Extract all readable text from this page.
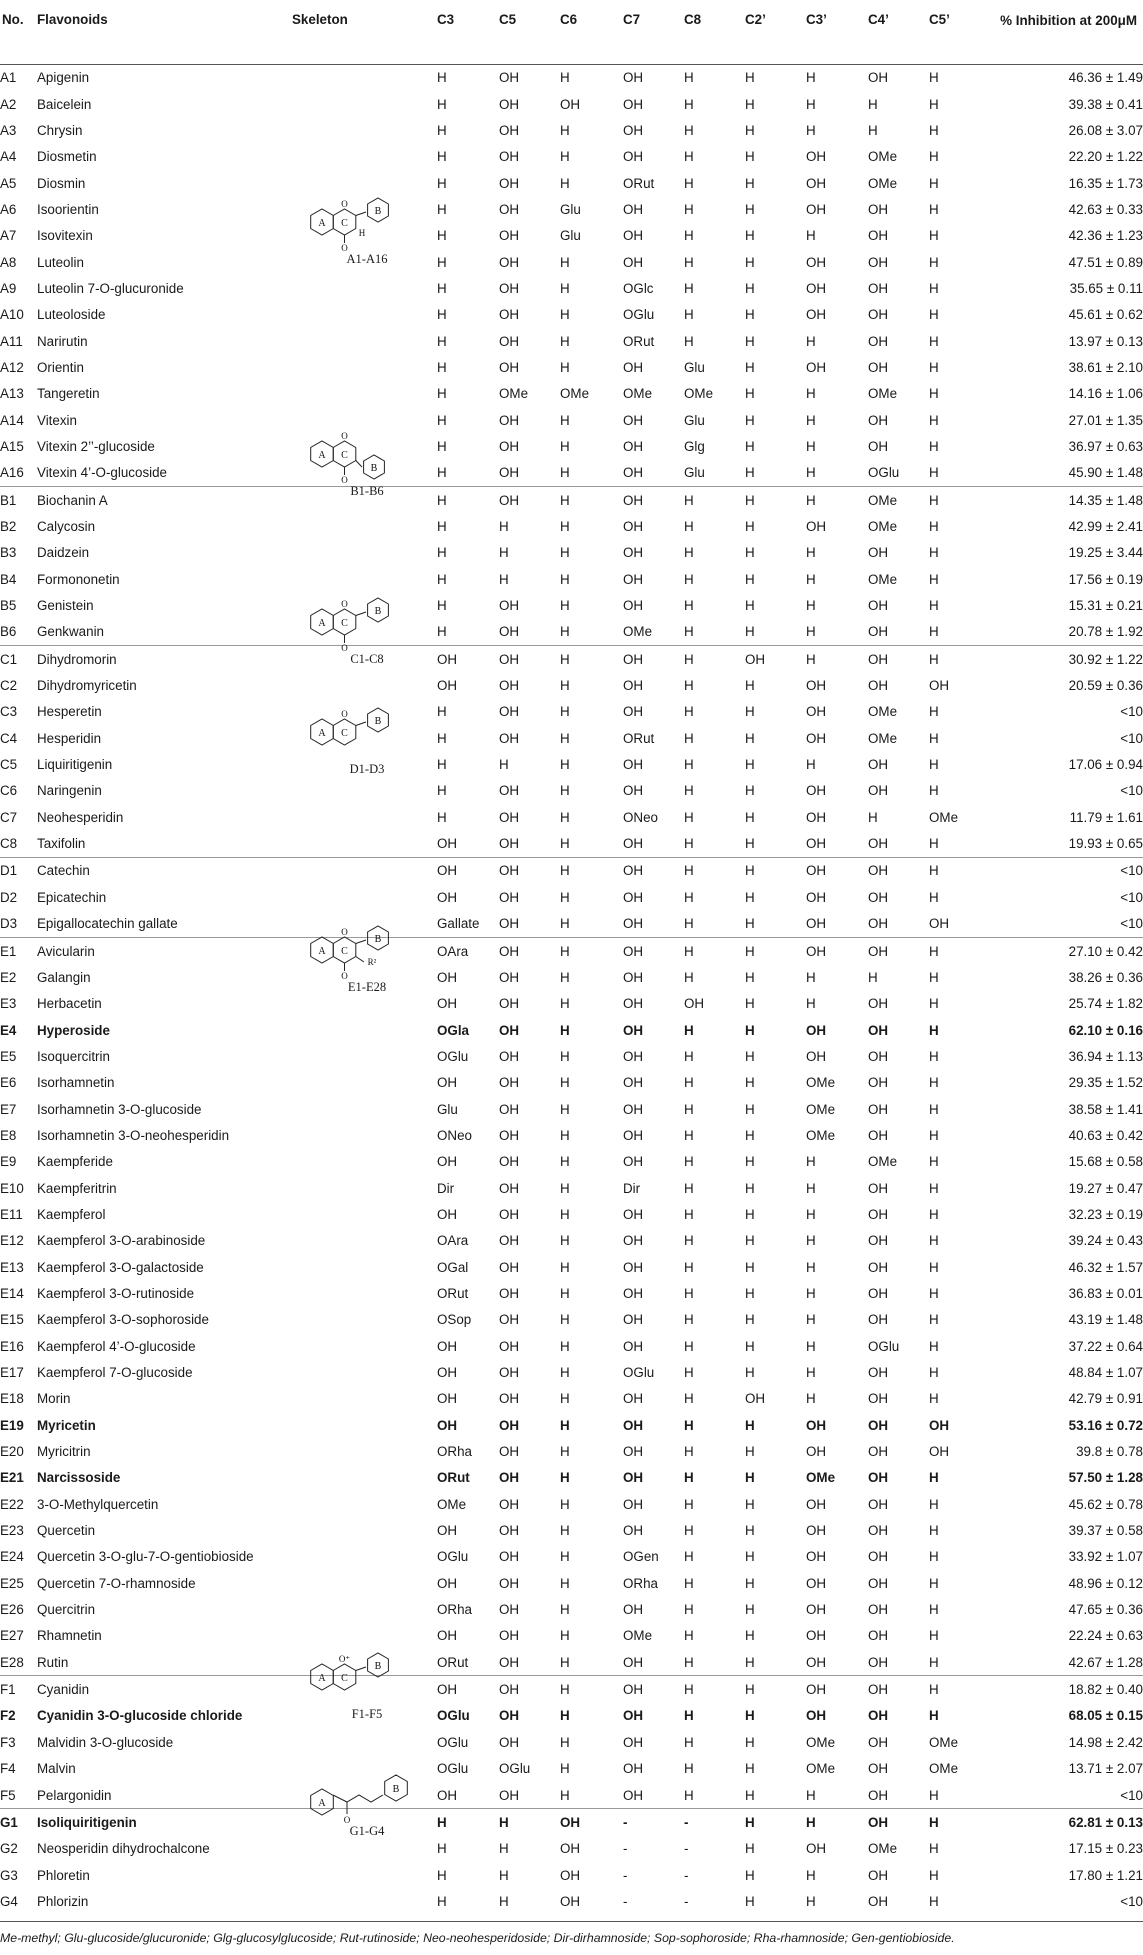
No.	Flavonoids	Skeleton	C3	C5	C6	C7	C8	C2’	C3’	C4’	C5’	% Inhibition at 200μM
A1	Apigenin		H	OH	H	OH	H	H	H	OH	H	46.36 ± 1.49
A2	Baicelein		H	OH	OH	OH	H	H	H	H	H	39.38 ± 0.41
A3	Chrysin		H	OH	H	OH	H	H	H	H	H	26.08 ± 3.07
A4	Diosmetin		H	OH	H	OH	H	H	OH	OMe	H	22.20 ± 1.22
A5	Diosmin		H	OH	H	ORut	H	H	OH	OMe	H	16.35 ± 1.73
A6	Isoorientin		H	OH	Glu	OH	H	H	OH	OH	H	42.63 ± 0.33
A7	Isovitexin		H	OH	Glu	OH	H	H	H	OH	H	42.36 ± 1.23
A8	Luteolin		H	OH	H	OH	H	H	OH	OH	H	47.51 ± 0.89
A9	Luteolin 7-O-glucuronide		H	OH	H	OGlc	H	H	OH	OH	H	35.65 ± 0.11
A10	Luteoloside		H	OH	H	OGlu	H	H	OH	OH	H	45.61 ± 0.62
A11	Narirutin		H	OH	H	ORut	H	H	H	OH	H	13.97 ± 0.13
A12	Orientin		H	OH	H	OH	Glu	H	OH	OH	H	38.61 ± 2.10
A13	Tangeretin		H	OMe	OMe	OMe	OMe	H	H	OMe	H	14.16 ± 1.06
A14	Vitexin		H	OH	H	OH	Glu	H	H	OH	H	27.01 ± 1.35
A15	Vitexin 2’’-glucoside		H	OH	H	OH	Glg	H	H	OH	H	36.97 ± 0.63
A16	Vitexin 4’-O-glucoside		H	OH	H	OH	Glu	H	H	OGlu	H	45.90 ± 1.48
B1	Biochanin A		H	OH	H	OH	H	H	H	OMe	H	14.35 ± 1.48
B2	Calycosin		H	H	H	OH	H	H	OH	OMe	H	42.99 ± 2.41
B3	Daidzein		H	H	H	OH	H	H	H	OH	H	19.25 ± 3.44
B4	Formononetin		H	H	H	OH	H	H	H	OMe	H	17.56 ± 0.19
B5	Genistein		H	OH	H	OH	H	H	H	OH	H	15.31 ± 0.21
B6	Genkwanin		H	OH	H	OMe	H	H	H	OH	H	20.78 ± 1.92
C1	Dihydromorin		OH	OH	H	OH	H	OH	H	OH	H	30.92 ± 1.22
C2	Dihydromyricetin		OH	OH	H	OH	H	H	OH	OH	OH	20.59 ± 0.36
C3	Hesperetin		H	OH	H	OH	H	H	OH	OMe	H	<10
C4	Hesperidin		H	OH	H	ORut	H	H	OH	OMe	H	<10
C5	Liquiritigenin		H	H	H	OH	H	H	H	OH	H	17.06 ± 0.94
C6	Naringenin		H	OH	H	OH	H	H	OH	OH	H	<10
C7	Neohesperidin		H	OH	H	ONeo	H	H	OH	H	OMe	11.79 ± 1.61
C8	Taxifolin		OH	OH	H	OH	H	H	OH	OH	H	19.93 ± 0.65
D1	Catechin		OH	OH	H	OH	H	H	OH	OH	H	<10
D2	Epicatechin		OH	OH	H	OH	H	H	OH	OH	H	<10
D3	Epigallocatechin gallate		Gallate	OH	H	OH	H	H	OH	OH	OH	<10
E1	Avicularin		OAra	OH	H	OH	H	H	OH	OH	H	27.10 ± 0.42
E2	Galangin		OH	OH	H	OH	H	H	H	H	H	38.26 ± 0.36
E3	Herbacetin		OH	OH	H	OH	OH	H	H	OH	H	25.74 ± 1.82
E4	Hyperoside		OGla	OH	H	OH	H	H	OH	OH	H	62.10 ± 0.16
E5	Isoquercitrin		OGlu	OH	H	OH	H	H	OH	OH	H	36.94 ± 1.13
E6	Isorhamnetin		OH	OH	H	OH	H	H	OMe	OH	H	29.35 ± 1.52
E7	Isorhamnetin 3-O-glucoside		Glu	OH	H	OH	H	H	OMe	OH	H	38.58 ± 1.41
E8	Isorhamnetin 3-O-neohesperidin		ONeo	OH	H	OH	H	H	OMe	OH	H	40.63 ± 0.42
E9	Kaempferide		OH	OH	H	OH	H	H	H	OMe	H	15.68 ± 0.58
E10	Kaempferitrin		Dir	OH	H	Dir	H	H	H	OH	H	19.27 ± 0.47
E11	Kaempferol		OH	OH	H	OH	H	H	H	OH	H	32.23 ± 0.19
E12	Kaempferol 3-O-arabinoside		OAra	OH	H	OH	H	H	H	OH	H	39.24 ± 0.43
E13	Kaempferol 3-O-galactoside		OGal	OH	H	OH	H	H	H	OH	H	46.32 ± 1.57
E14	Kaempferol 3-O-rutinoside		ORut	OH	H	OH	H	H	H	OH	H	36.83 ± 0.01
E15	Kaempferol 3-O-sophoroside		OSop	OH	H	OH	H	H	H	OH	H	43.19 ± 1.48
E16	Kaempferol 4’-O-glucoside		OH	OH	H	OH	H	H	H	OGlu	H	37.22 ± 0.64
E17	Kaempferol 7-O-glucoside		OH	OH	H	OGlu	H	H	H	OH	H	48.84 ± 1.07
E18	Morin		OH	OH	H	OH	H	OH	H	OH	H	42.79 ± 0.91
E19	Myricetin		OH	OH	H	OH	H	H	OH	OH	OH	53.16 ± 0.72
E20	Myricitrin		ORha	OH	H	OH	H	H	OH	OH	OH	39.8 ± 0.78
E21	Narcissoside		ORut	OH	H	OH	H	H	OMe	OH	H	57.50 ± 1.28
E22	3-O-Methylquercetin		OMe	OH	H	OH	H	H	OH	OH	H	45.62 ± 0.78
E23	Quercetin		OH	OH	H	OH	H	H	OH	OH	H	39.37 ± 0.58
E24	Quercetin 3-O-glu-7-O-gentiobioside		OGlu	OH	H	OGen	H	H	OH	OH	H	33.92 ± 1.07
E25	Quercetin 7-O-rhamnoside		OH	OH	H	ORha	H	H	OH	OH	H	48.96 ± 0.12
E26	Quercitrin		ORha	OH	H	OH	H	H	OH	OH	H	47.65 ± 0.36
E27	Rhamnetin		OH	OH	H	OMe	H	H	OH	OH	H	22.24 ± 0.63
E28	Rutin		ORut	OH	H	OH	H	H	OH	OH	H	42.67 ± 1.28
F1	Cyanidin		OH	OH	H	OH	H	H	OH	OH	H	18.82 ± 0.40
F2	Cyanidin 3-O-glucoside chloride		OGlu	OH	H	OH	H	H	OH	OH	H	68.05 ± 0.15
F3	Malvidin 3-O-glucoside		OGlu	OH	H	OH	H	H	OMe	OH	OMe	14.98 ± 2.42
F4	Malvin		OGlu	OGlu	H	OH	H	H	OMe	OH	OMe	13.71 ± 2.07
F5	Pelargonidin		OH	OH	H	OH	H	H	H	OH	H	<10
G1	Isoliquiritigenin		H	H	OH	-	-	H	H	OH	H	62.81 ± 0.13
G2	Neosperidin dihydrochalcone		H	H	OH	-	-	H	OH	OMe	H	17.15 ± 0.23
G3	Phloretin		H	H	OH	-	-	H	H	OH	H	17.80 ± 1.21
G4	Phlorizin		H	H	OH	-	-	H	H	OH	H	<10
A C
B
O
O
H
A1-A16
A C
B
O
O
B1-B6
A C
B
O
O
C1-C8
A C
B
O
D1-D3
A C
B
O
O
R²
E1-E28
A C
B
O⁺
F1-F5
A
B
O
G1-G4
Me-methyl; Glu-glucoside/glucuronide; Glg-glucosylglucoside; Rut-rutinoside; Neo-neohesperidoside; Dir-dirhamnoside; Sop-sophoroside; Rha-rhamnoside; Gen-gentiobioside.
